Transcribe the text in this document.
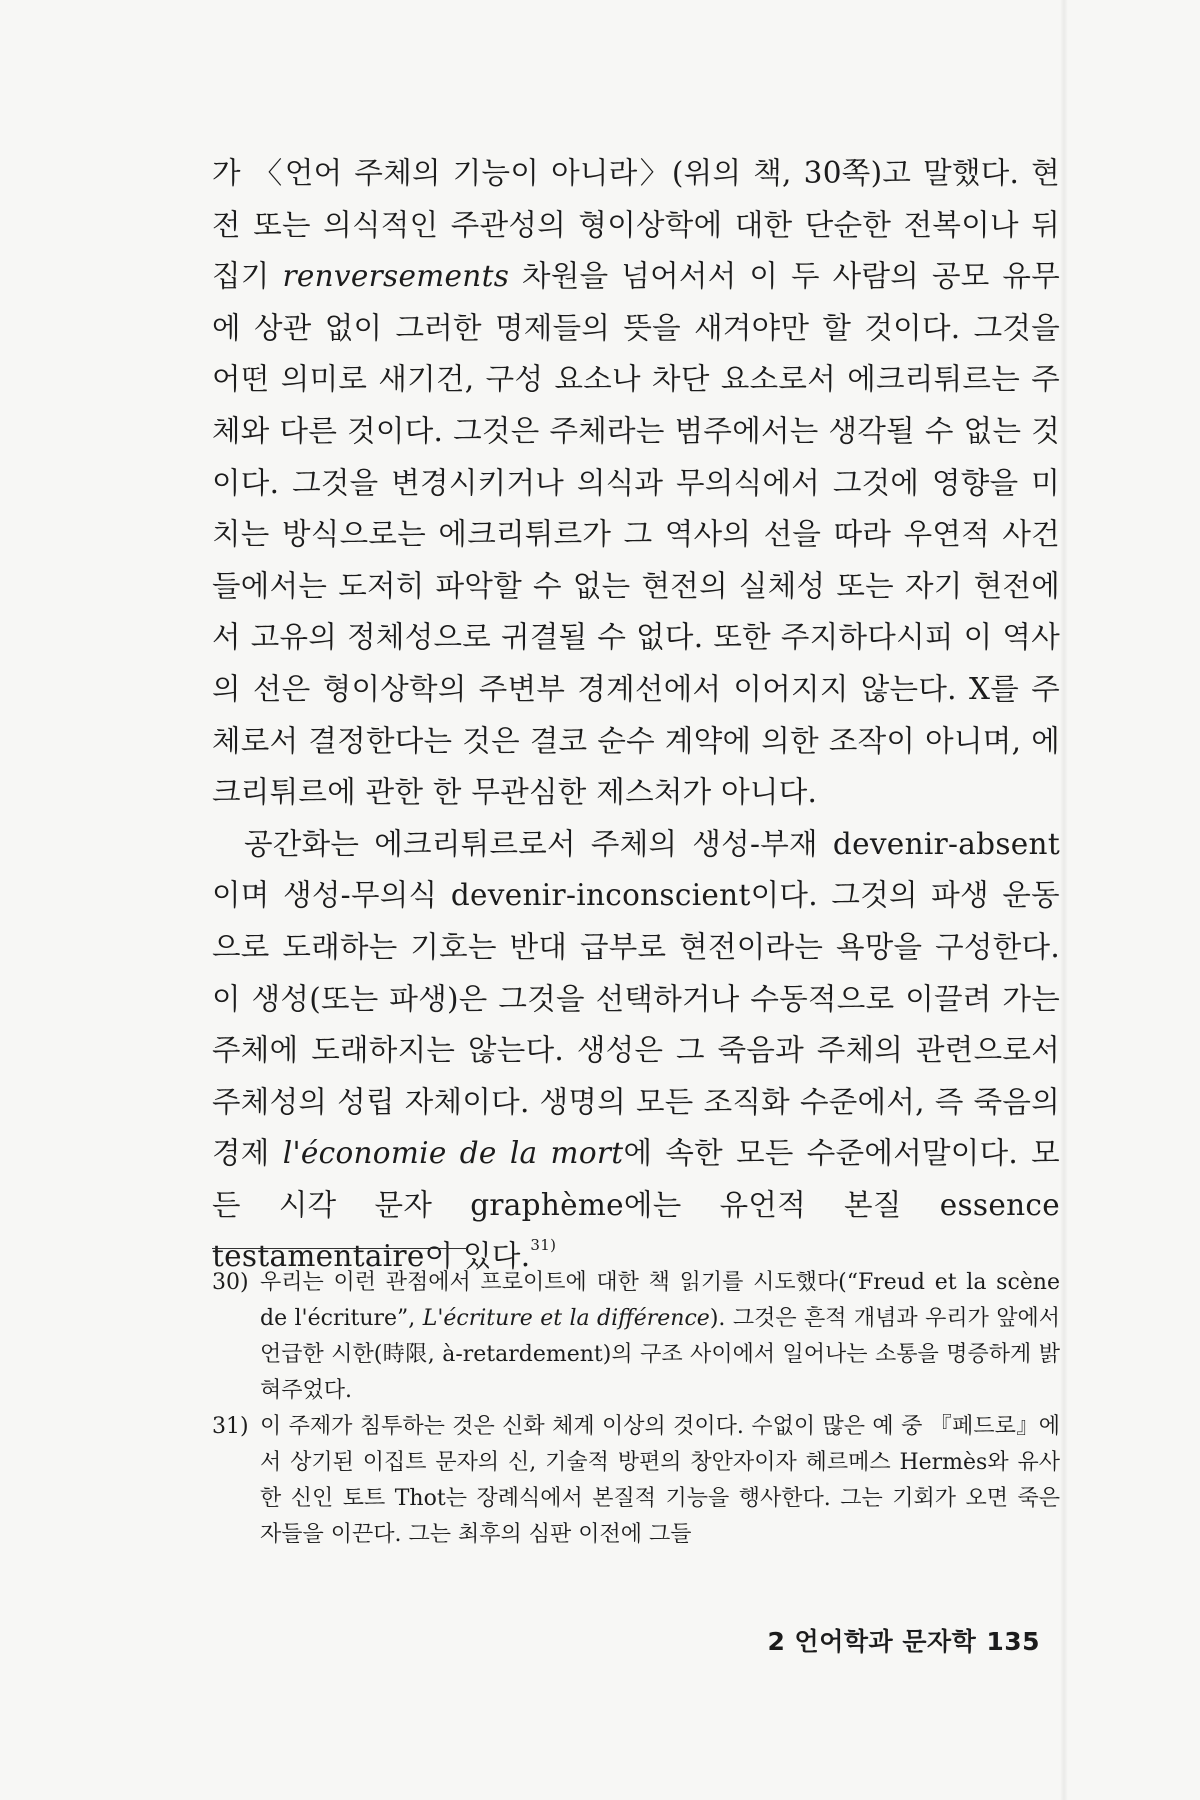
가 〈언어 주체의 기능이 아니라〉(위의 책, 30쪽)고 말했다. 현전 또는 의식적인 주관성의 형이상학에 대한 단순한 전복이나 뒤집기 renversements 차원을 넘어서서 이 두 사람의 공모 유무에 상관 없이 그러한 명제들의 뜻을 새겨야만 할 것이다. 그것을 어떤 의미로 새기건, 구성 요소나 차단 요소로서 에크리튀르는 주체와 다른 것이다. 그것은 주체라는 범주에서는 생각될 수 없는 것이다. 그것을 변경시키거나 의식과 무의식에서 그것에 영향을 미치는 방식으로는 에크리튀르가 그 역사의 선을 따라 우연적 사건들에서는 도저히 파악할 수 없는 현전의 실체성 또는 자기 현전에서 고유의 정체성으로 귀결될 수 없다. 또한 주지하다시피 이 역사의 선은 형이상학의 주변부 경계선에서 이어지지 않는다. X를 주체로서 결정한다는 것은 결코 순수 계약에 의한 조작이 아니며, 에크리튀르에 관한 한 무관심한 제스처가 아니다.

공간화는 에크리튀르로서 주체의 생성-부재 devenir-absent이며 생성-무의식 devenir-inconscient이다. 그것의 파생 운동으로 도래하는 기호는 반대 급부로 현전이라는 욕망을 구성한다. 이 생성(또는 파생)은 그것을 선택하거나 수동적으로 이끌려 가는 주체에 도래하지는 않는다. 생성은 그 죽음과 주체의 관련으로서 주체성의 성립 자체이다. 생명의 모든 조직화 수준에서, 즉 죽음의 경제 l'économie de la mort에 속한 모든 수준에서말이다. 모든 시각 문자 graphème에는 유언적 본질 essence testamentaire이 있다.$^{31)}$

30) 우리는 이런 관점에서 프로이트에 대한 책 읽기를 시도했다(“Freud et la scène de l'écriture”, L'écriture et la différence). 그것은 흔적 개념과 우리가 앞에서 언급한 시한(時限, à-retardement)의 구조 사이에서 일어나는 소통을 명증하게 밝혀주었다.

31) 이 주제가 침투하는 것은 신화 체계 이상의 것이다. 수없이 많은 예 중 『페드로』에서 상기된 이집트 문자의 신, 기술적 방편의 창안자이자 헤르메스 Hermès와 유사한 신인 토트 Thot는 장례식에서 본질적 기능을 행사한다. 그는 기회가 오면 죽은 자들을 이끈다. 그는 최후의 심판 이전에 그들

2 언어학과 문자학 135
